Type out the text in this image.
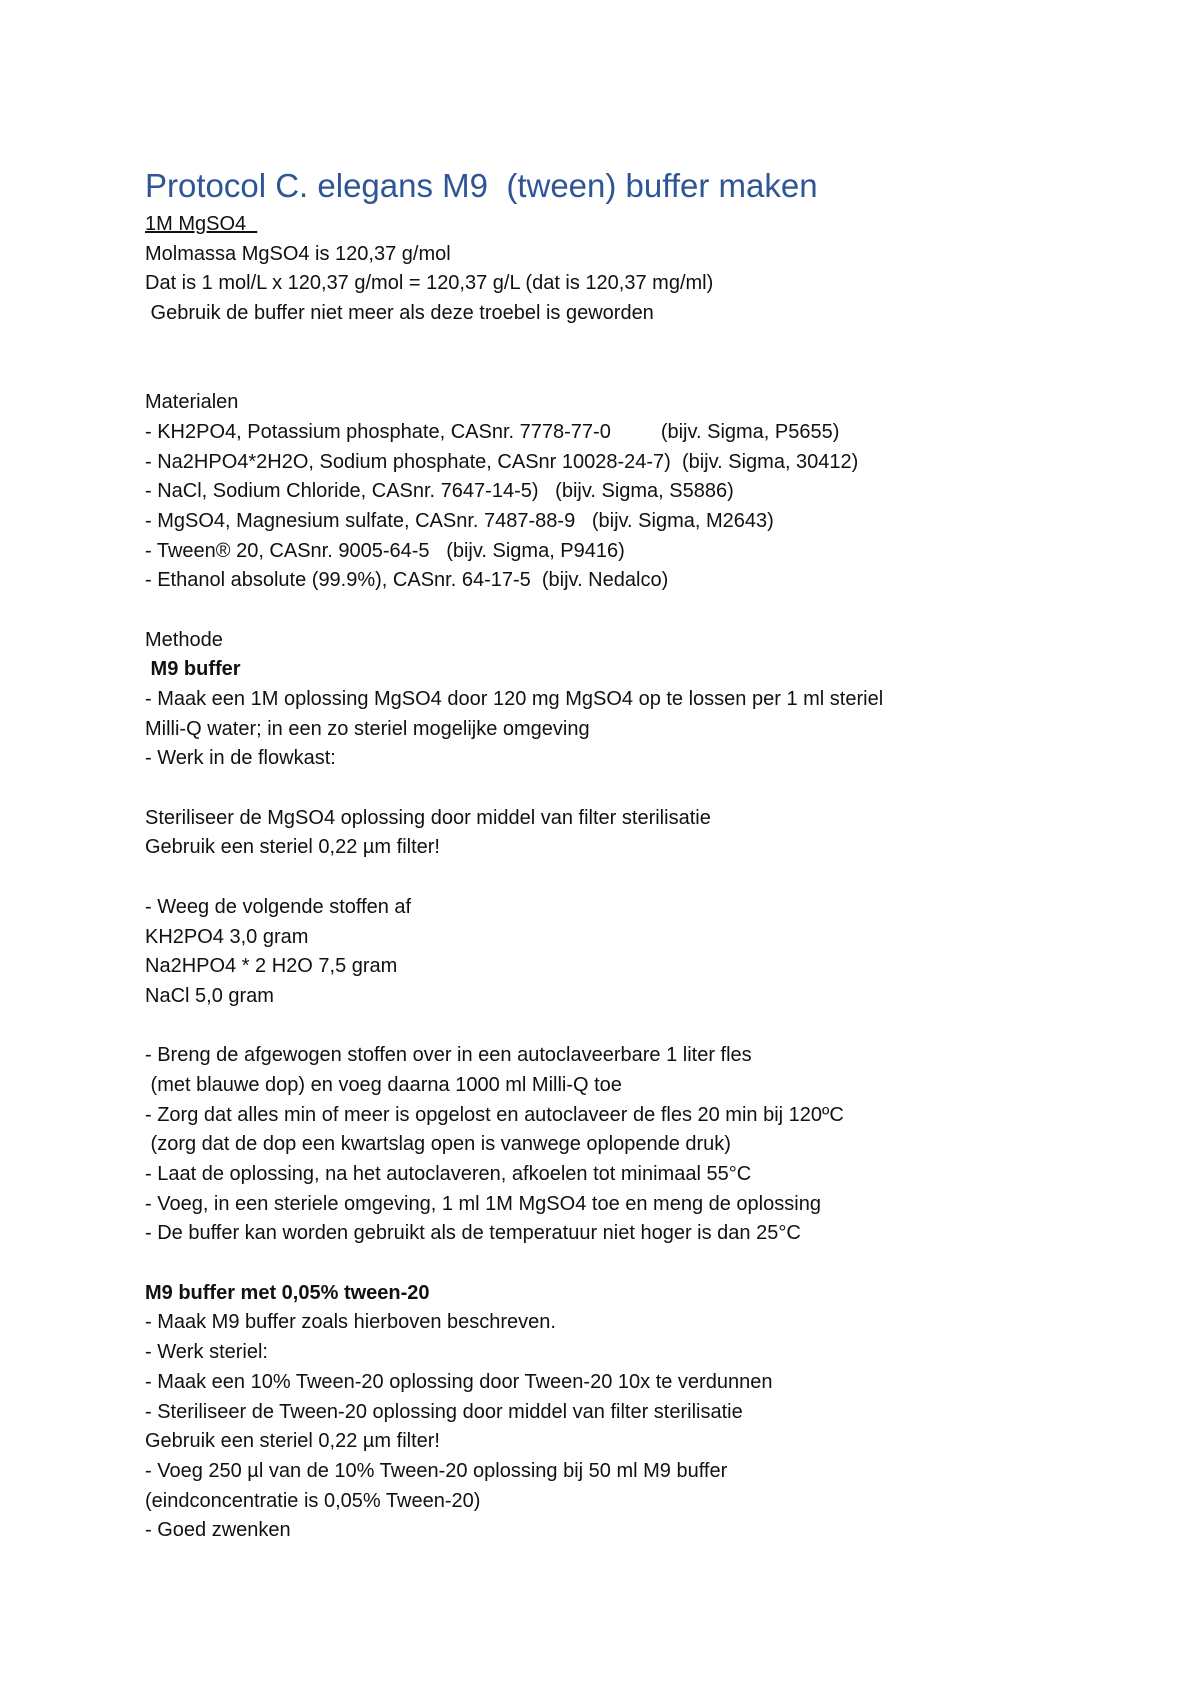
Protocol C. elegans M9  (tween) buffer maken
1M MgSO4
Molmassa MgSO4 is 120,37 g/mol
Dat is 1 mol/L x 120,37 g/mol = 120,37 g/L (dat is 120,37 mg/ml)
Gebruik de buffer niet meer als deze troebel is geworden
Materialen
- KH2PO4, Potassium phosphate, CASnr. 7778-77-0         (bijv. Sigma, P5655)
- Na2HPO4*2H2O, Sodium phosphate, CASnr 10028-24-7)  (bijv. Sigma, 30412)
- NaCl, Sodium Chloride, CASnr. 7647-14-5)   (bijv. Sigma, S5886)
- MgSO4, Magnesium sulfate, CASnr. 7487-88-9   (bijv. Sigma, M2643)
- Tween® 20, CASnr. 9005-64-5   (bijv. Sigma, P9416)
- Ethanol absolute (99.9%), CASnr. 64-17-5  (bijv. Nedalco)
Methode
M9 buffer
- Maak een 1M oplossing MgSO4 door 120 mg MgSO4 op te lossen per 1 ml steriel
Milli-Q water; in een zo steriel mogelijke omgeving
- Werk in de flowkast:
Steriliseer de MgSO4 oplossing door middel van filter sterilisatie
Gebruik een steriel 0,22 µm filter!
- Weeg de volgende stoffen af
KH2PO4 3,0 gram
Na2HPO4 * 2 H2O 7,5 gram
NaCl 5,0 gram
- Breng de afgewogen stoffen over in een autoclaveerbare 1 liter fles
(met blauwe dop) en voeg daarna 1000 ml Milli-Q toe
- Zorg dat alles min of meer is opgelost en autoclaveer de fles 20 min bij 120ºC
(zorg dat de dop een kwartslag open is vanwege oplopende druk)
- Laat de oplossing, na het autoclaveren, afkoelen tot minimaal 55°C
- Voeg, in een steriele omgeving, 1 ml 1M MgSO4 toe en meng de oplossing
- De buffer kan worden gebruikt als de temperatuur niet hoger is dan 25°C
M9 buffer met 0,05% tween-20
- Maak M9 buffer zoals hierboven beschreven.
- Werk steriel:
- Maak een 10% Tween-20 oplossing door Tween-20 10x te verdunnen
- Steriliseer de Tween-20 oplossing door middel van filter sterilisatie
Gebruik een steriel 0,22 µm filter!
- Voeg 250 µl van de 10% Tween-20 oplossing bij 50 ml M9 buffer
(eindconcentratie is 0,05% Tween-20)
- Goed zwenken
